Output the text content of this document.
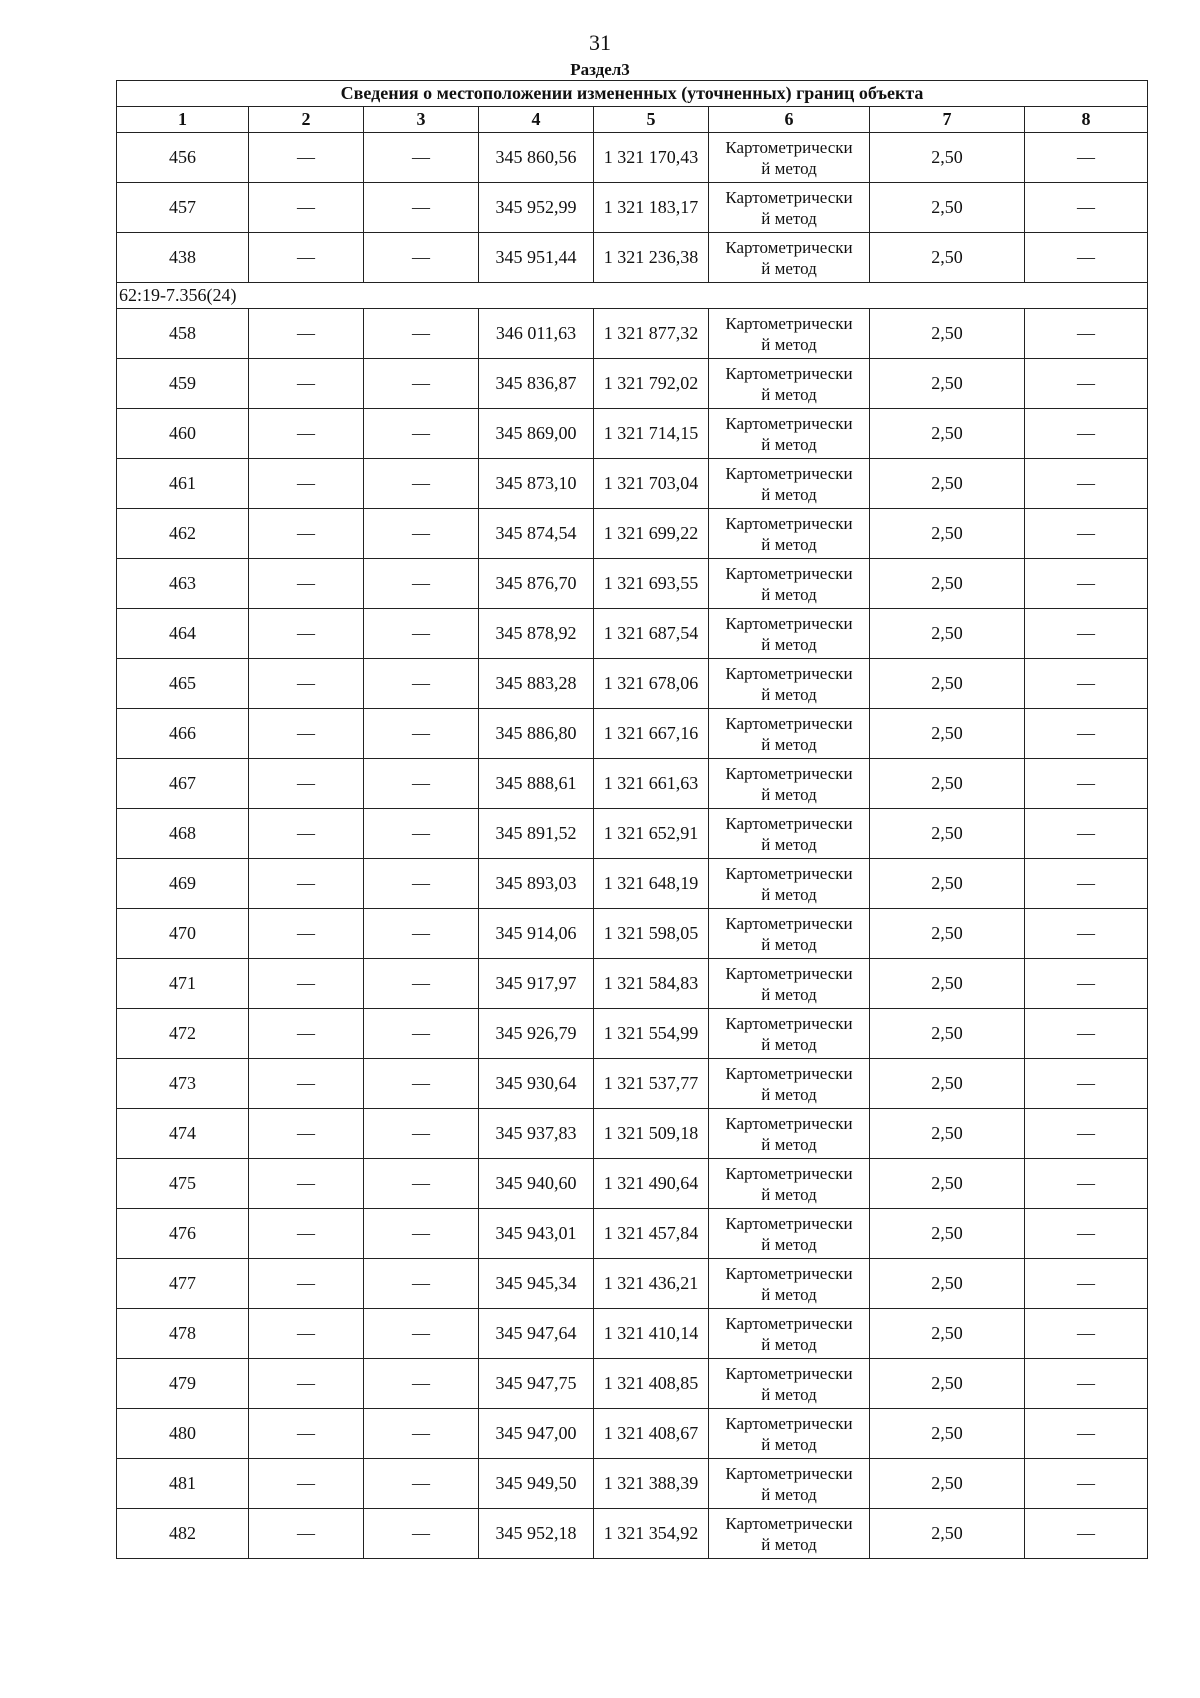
31
Раздел3
Сведения о местоположении измененных (уточненных) границ объекта							
1	2	3	4	5	6	7	8
456	—	—	345 860,56	1 321 170,43	Картометрически
й метод	2,50	—
457	—	—	345 952,99	1 321 183,17	Картометрически
й метод	2,50	—
438	—	—	345 951,44	1 321 236,38	Картометрически
й метод	2,50	—
62:19-7.356(24)							
458	—	—	346 011,63	1 321 877,32	Картометрически
й метод	2,50	—
459	—	—	345 836,87	1 321 792,02	Картометрически
й метод	2,50	—
460	—	—	345 869,00	1 321 714,15	Картометрически
й метод	2,50	—
461	—	—	345 873,10	1 321 703,04	Картометрически
й метод	2,50	—
462	—	—	345 874,54	1 321 699,22	Картометрически
й метод	2,50	—
463	—	—	345 876,70	1 321 693,55	Картометрически
й метод	2,50	—
464	—	—	345 878,92	1 321 687,54	Картометрически
й метод	2,50	—
465	—	—	345 883,28	1 321 678,06	Картометрически
й метод	2,50	—
466	—	—	345 886,80	1 321 667,16	Картометрически
й метод	2,50	—
467	—	—	345 888,61	1 321 661,63	Картометрически
й метод	2,50	—
468	—	—	345 891,52	1 321 652,91	Картометрически
й метод	2,50	—
469	—	—	345 893,03	1 321 648,19	Картометрически
й метод	2,50	—
470	—	—	345 914,06	1 321 598,05	Картометрически
й метод	2,50	—
471	—	—	345 917,97	1 321 584,83	Картометрически
й метод	2,50	—
472	—	—	345 926,79	1 321 554,99	Картометрически
й метод	2,50	—
473	—	—	345 930,64	1 321 537,77	Картометрически
й метод	2,50	—
474	—	—	345 937,83	1 321 509,18	Картометрически
й метод	2,50	—
475	—	—	345 940,60	1 321 490,64	Картометрически
й метод	2,50	—
476	—	—	345 943,01	1 321 457,84	Картометрически
й метод	2,50	—
477	—	—	345 945,34	1 321 436,21	Картометрически
й метод	2,50	—
478	—	—	345 947,64	1 321 410,14	Картометрически
й метод	2,50	—
479	—	—	345 947,75	1 321 408,85	Картометрически
й метод	2,50	—
480	—	—	345 947,00	1 321 408,67	Картометрически
й метод	2,50	—
481	—	—	345 949,50	1 321 388,39	Картометрически
й метод	2,50	—
482	—	—	345 952,18	1 321 354,92	Картометрически
й метод	2,50	—
